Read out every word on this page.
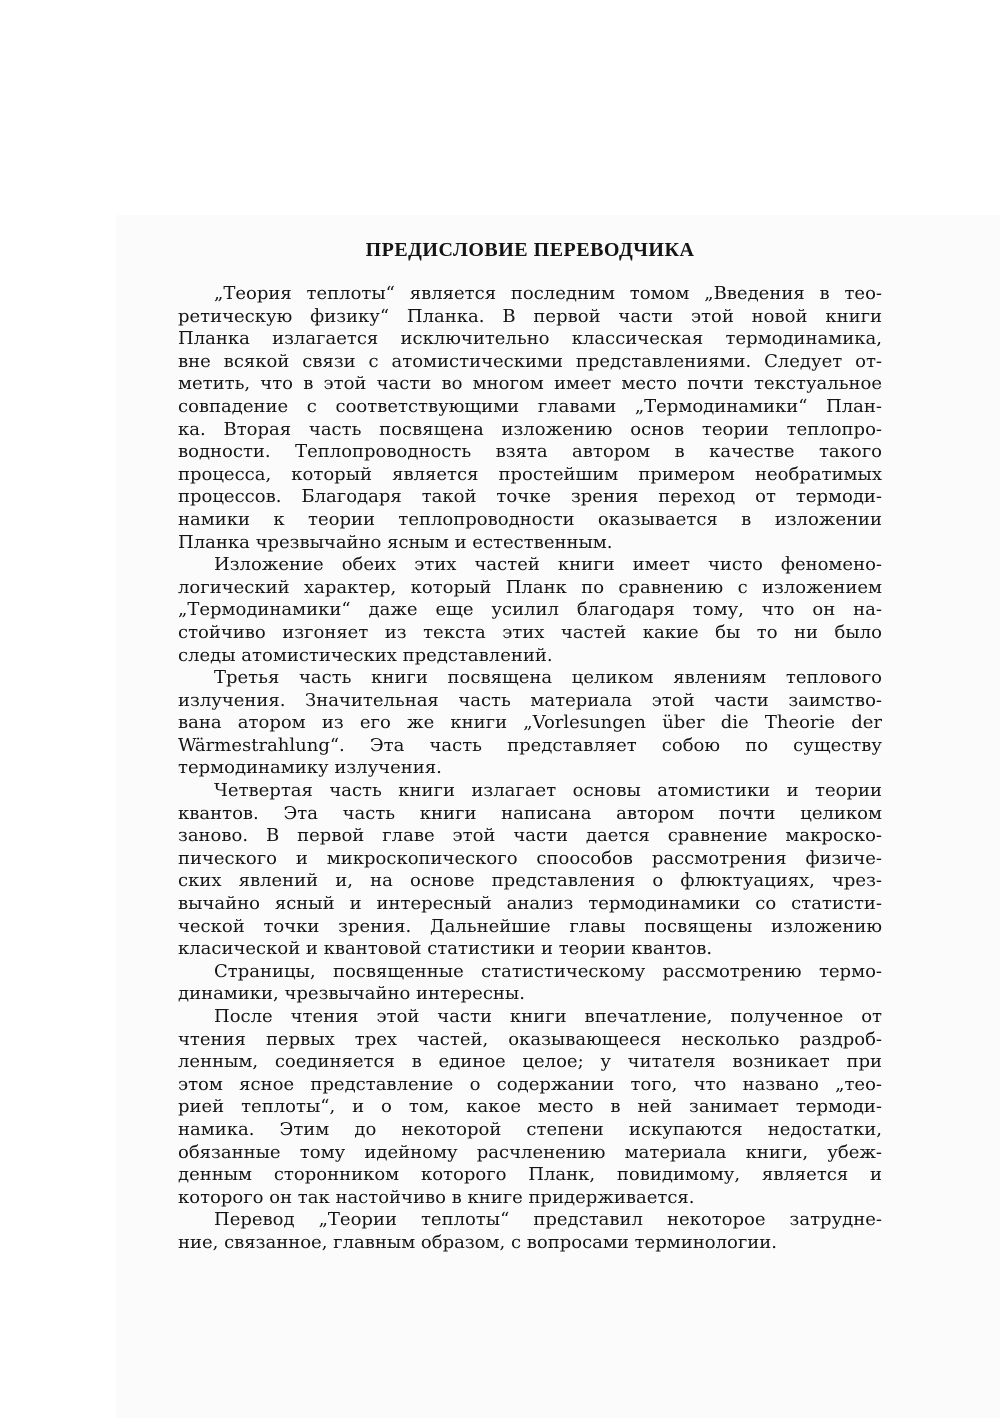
ПРЕДИСЛОВИЕ ПЕРЕВОДЧИКА
„Теория теплоты“ является последним томом „Введения в тео-
ретическую физику“ Планка. В первой части этой новой книги
Планка излагается исключительно классическая термодинамика,
вне всякой связи с атомистическими представлениями. Следует от-
метить, что в этой части во многом имеет место почти текстуальное
совпадение с соответствующими главами „Термодинамики“ План-
ка. Вторая часть посвящена изложению основ теории теплопро-
водности. Теплопроводность взята автором в качестве такого
процесса, который является простейшим примером необратимых
процессов. Благодаря такой точке зрения переход от термоди-
намики к теории теплопроводности оказывается в изложении
Планка чрезвычайно ясным и естественным.
Изложение обеих этих частей книги имеет чисто феномено-
логический характер, который Планк по сравнению с изложением
„Термодинамики“ даже еще усилил благодаря тому, что он на-
стойчиво изгоняет из текста этих частей какие бы то ни было
следы атомистических представлений.
Третья часть книги посвящена целиком явлениям теплового
излучения. Значительная часть материала этой части заимство-
вана атором из его же книги „Vorlesungen über die Theorie der
Wärmestrahlung“. Эта часть представляет собою по существу
термодинамику излучения.
Четвертая часть книги излагает основы атомистики и теории
квантов. Эта часть книги написана автором почти целиком
заново. В первой главе этой части дается сравнение макроско-
пического и микроскопического споособов рассмотрения физиче-
ских явлений и, на основе представления о флюктуациях, чрез-
вычайно ясный и интересный анализ термодинамики со статисти-
ческой точки зрения. Дальнейшие главы посвящены изложению
класической и квантовой статистики и теории квантов.
Страницы, посвященные статистическому рассмотрению термо-
динамики, чрезвычайно интересны.
После чтения этой части книги впечатление, полученное от
чтения первых трех частей, оказывающееся несколько раздроб-
ленным, соединяется в единое целое; у читателя возникает при
этом ясное представление о содержании того, что названо „тео-
рией теплоты“, и о том, какое место в ней занимает термоди-
намика. Этим до некоторой степени искупаются недостатки,
обязанные тому идейному расчленению материала книги, убеж-
денным сторонником которого Планк, повидимому, является и
которого он так настойчиво в книге придерживается.
Перевод „Теории теплоты“ представил некоторое затрудне-
ние, связанное, главным образом, с вопросами терминологии.
